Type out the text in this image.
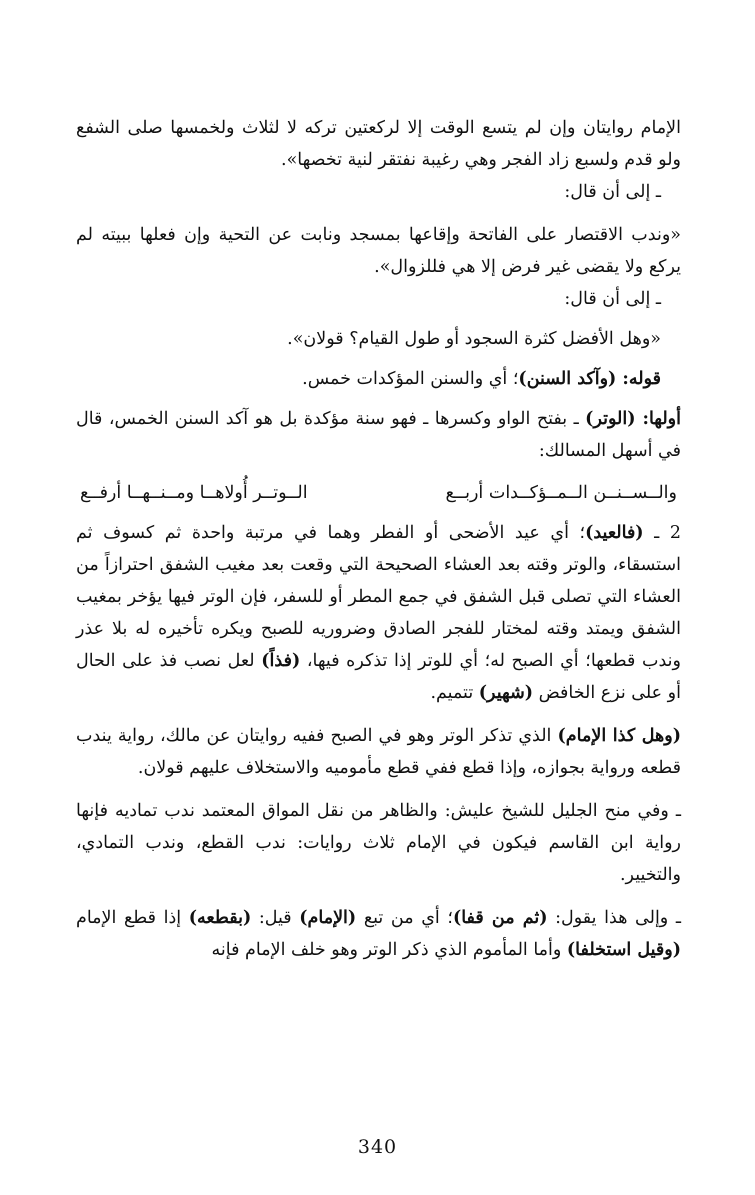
الإمام روايتان وإن لم يتسع الوقت إلا لركعتين تركه لا لثلاث ولخمسها صلى الشفع ولو قدم ولسبع زاد الفجر وهي رغيبة نفتقر لنية تخصها».

ـ إلى أن قال:

«وندب الاقتصار على الفاتحة وإقاعها بمسجد ونابت عن التحية وإن فعلها ببيته لم يركع ولا يقضى غير فرض إلا هي فللزوال».

ـ إلى أن قال:

«وهل الأفضل كثرة السجود أو طول القيام؟ قولان».

قوله: (وآكد السنن)؛ أي والسنن المؤكدات خمس.

أولها: (الوتر) ـ بفتح الواو وكسرها ـ فهو سنة مؤكدة بل هو آكد السنن الخمس، قال في أسهل المسالك:

والــســنــن الــمــؤكــدات أربــع
الــوتــر أُولاهــا ومــنــهــا أرفــع

2 ـ (فالعيد)؛ أي عيد الأضحى أو الفطر وهما في مرتبة واحدة ثم كسوف ثم استسقاء، والوتر وقته بعد العشاء الصحيحة التي وقعت بعد مغيب الشفق احترازاً من العشاء التي تصلى قبل الشفق في جمع المطر أو للسفر، فإن الوتر فيها يؤخر بمغيب الشفق ويمتد وقته لمختار للفجر الصادق وضروريه للصبح ويكره تأخيره له بلا عذر وندب قطعها؛ أي الصبح له؛ أي للوتر إذا تذكره فيها، (فذاً) لعل نصب فذ على الحال أو على نزع الخافض (شهير) تتميم.

(وهل كذا الإمام) الذي تذكر الوتر وهو في الصبح ففيه روايتان عن مالك، رواية يندب قطعه ورواية بجوازه، وإذا قطع ففي قطع مأموميه والاستخلاف عليهم قولان.

ـ وفي منح الجليل للشيخ عليش: والظاهر من نقل المواق المعتمد ندب تماديه فإنها رواية ابن القاسم فيكون في الإمام ثلاث روايات: ندب القطع، وندب التمادي، والتخيير.

ـ وإلى هذا يقول: (ثم من قفا)؛ أي من تبع (الإمام) قيل: (بقطعه) إذا قطع الإمام (وقيل استخلفا) وأما المأموم الذي ذكر الوتر وهو خلف الإمام فإنه

340
